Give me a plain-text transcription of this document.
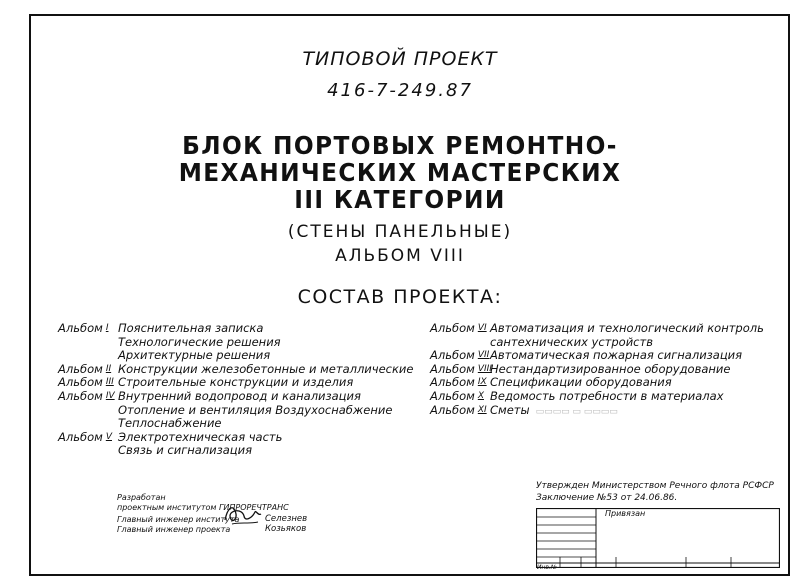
ТИПОВОЙ ПРОЕКТ
416-7-249.87
БЛОК ПОРТОВЫХ РЕМОНТНО-
МЕХАНИЧЕСКИХ МАСТЕРСКИХ
III КАТЕГОРИИ
(СТЕНЫ ПАНЕЛЬНЫЕ)
АЛЬБОМ VIII
СОСТАВ ПРОЕКТА:
Альбом $^I$ Пояснительная записка
Технологические решения
Архитектурные решения
Альбом $^{II}$ Конструкции железобетонные и металлические
Альбом $^{III}$ Строительные конструкции и изделия
Альбом $^{IV}$ Внутренний водопровод и канализация
Отопление и вентиляция Воздухоснабжение
Теплоснабжение
Альбом $^V$ Электротехническая часть
Связь и сигнализация
Альбом $^{VI}$ Автоматизация и технологический контроль
сантехнических устройств
Альбом $^{VII}$ Автоматическая пожарная сигнализация
Альбом $^{VIII}$
Нестандартизированное оборудование
Альбом $^{IX}$ Спецификации оборудования
Альбом $^X$ Ведомость потребности в материалах
Альбом $^{XI}$ Сметы ▭▭▭▭ ▭ ▭▭▭▭
Разработан
проектным институтом ГИПРОРЕЧТРАНС
Главный инженер института
Главный инженер проекта
Селезнев
Козьяков
Утвержден Министерством Речного флота РСФСР
Заключение №53 от 24.06.86.
Привязан
Инв.№
